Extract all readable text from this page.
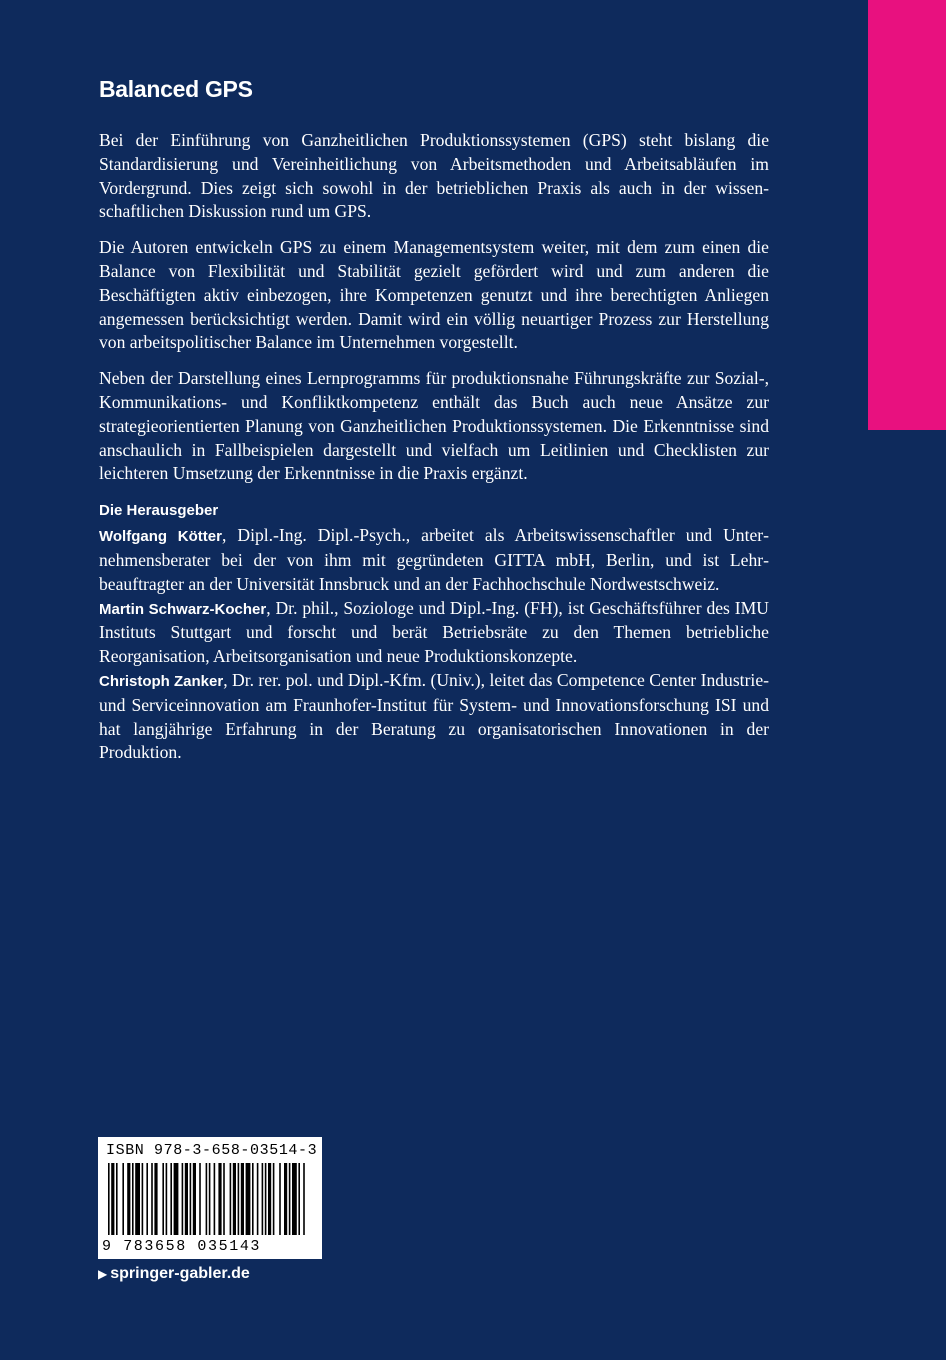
Balanced GPS

Bei der Einführung von Ganzheitlichen Produktionssystemen (GPS) steht bislang die Standardisierung und Vereinheitlichung von Arbeitsmethoden und Arbeitsabläufen im Vordergrund. Dies zeigt sich sowohl in der betrieblichen Praxis als auch in der wissenschaftlichen Diskussion rund um GPS.

Die Autoren entwickeln GPS zu einem Managementsystem weiter, mit dem zum einen die Balance von Flexibilität und Stabilität gezielt gefördert wird und zum anderen die Beschäftigten aktiv einbezogen, ihre Kompetenzen genutzt und ihre berechtigten Anliegen angemessen berücksichtigt werden. Damit wird ein völlig neuartiger Prozess zur Herstellung von arbeitspolitischer Balance im Unternehmen vorgestellt.

Neben der Darstellung eines Lernprogramms für produktionsnahe Führungskräfte zur Sozial-, Kommunikations- und Konfliktkompetenz enthält das Buch auch neue Ansätze zur strategieorientierten Planung von Ganzheitlichen Produktionssystemen. Die Erkenntnisse sind anschaulich in Fallbeispielen dargestellt und vielfach um Leitlinien und Checklisten zur leichteren Umsetzung der Erkenntnisse in die Praxis ergänzt.

Die Herausgeber

Wolfgang Kötter, Dipl.-Ing. Dipl.-Psych., arbeitet als Arbeitswissenschaftler und Unternehmensberater bei der von ihm mit gegründeten GITTA mbH, Berlin, und ist Lehrbeauftragter an der Universität Innsbruck und an der Fachhochschule Nordwestschweiz.

Martin Schwarz-Kocher, Dr. phil., Soziologe und Dipl.-Ing. (FH), ist Geschäftsführer des IMU Instituts Stuttgart und forscht und berät Betriebsräte zu den Themen betriebliche Reorganisation, Arbeitsorganisation und neue Produktionskonzepte.

Christoph Zanker, Dr. rer. pol. und Dipl.-Kfm. (Univ.), leitet das Competence Center Industrie- und Serviceinnovation am Fraunhofer-Institut für System- und Innovationsforschung ISI und hat langjährige Erfahrung in der Beratung zu organisatorischen Innovationen in der Produktion.

ISBN 978-3-658-03514-3
9 783658 035143
▶ springer-gabler.de
